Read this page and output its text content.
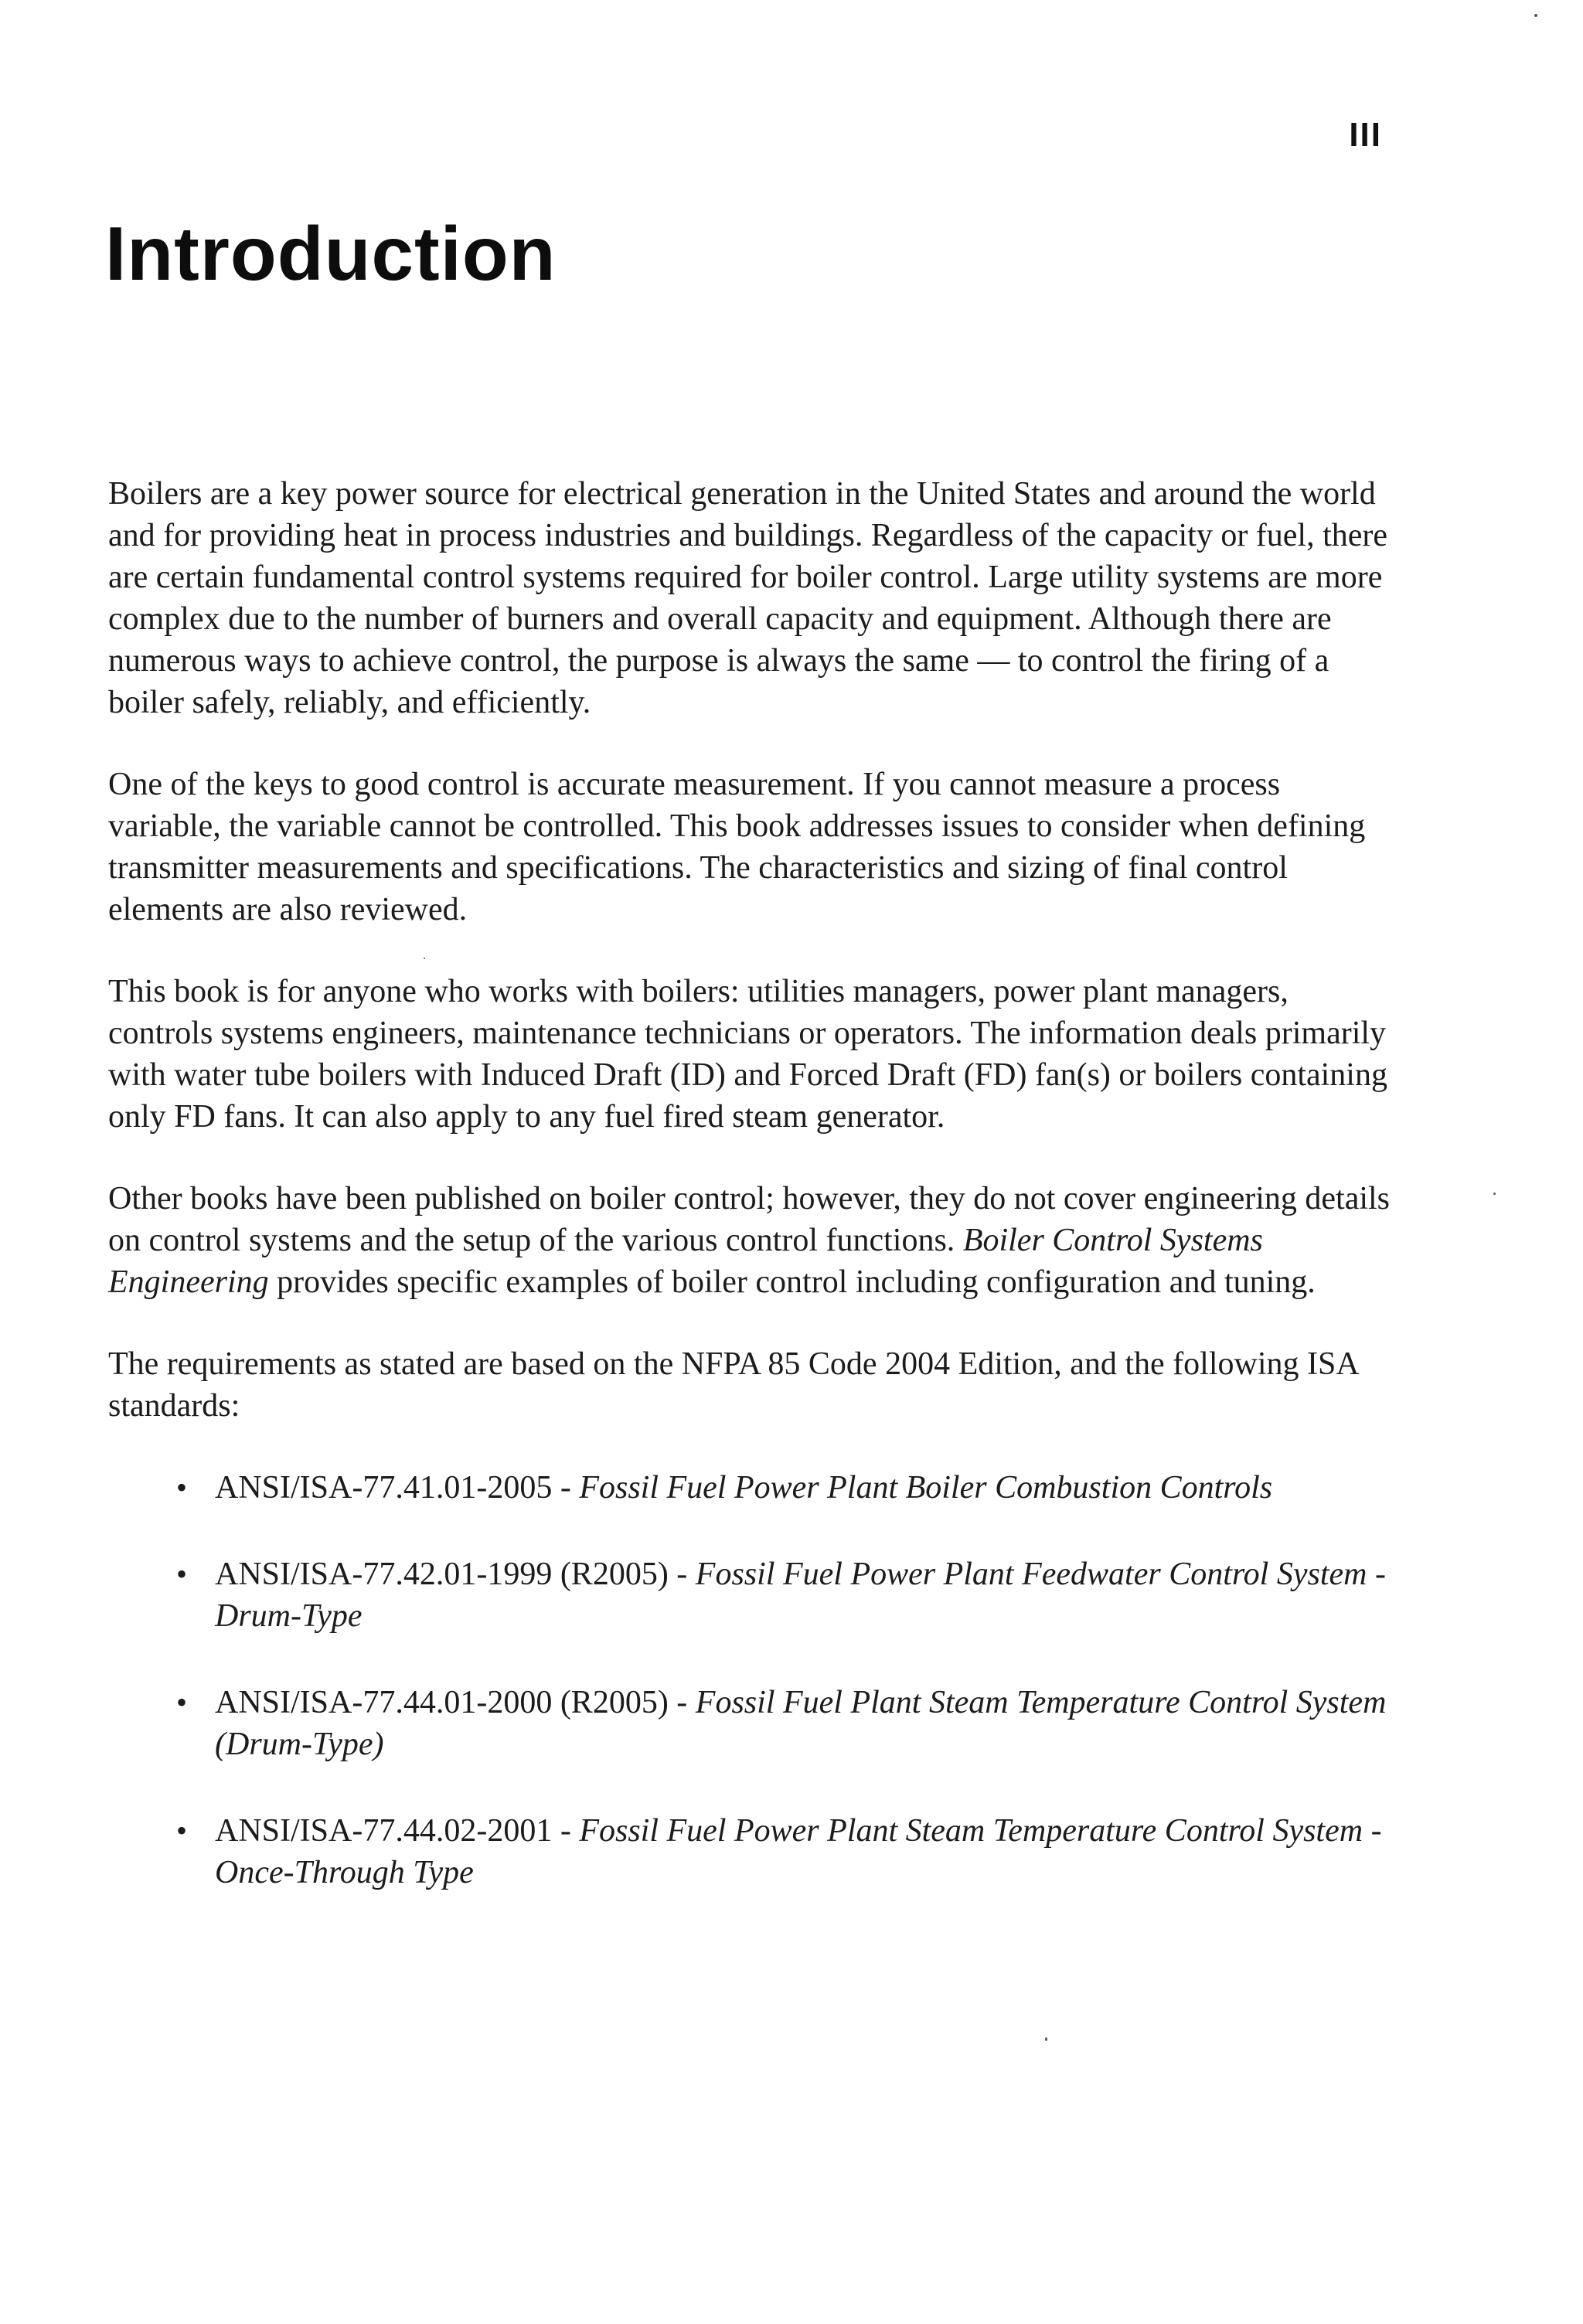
III
Introduction

Boilers are a key power source for electrical generation in the United States and around the world and for providing heat in process industries and buildings. Regardless of the capacity or fuel, there are certain fundamental control systems required for boiler control. Large utility systems are more complex due to the number of burners and overall capacity and equipment. Although there are numerous ways to achieve control, the purpose is always the same — to control the firing of a boiler safely, reliably, and efficiently.

One of the keys to good control is accurate measurement. If you cannot measure a process variable, the variable cannot be controlled. This book addresses issues to consider when defining transmitter measurements and specifications. The characteristics and sizing of final control elements are also reviewed.

This book is for anyone who works with boilers: utilities managers, power plant managers, controls systems engineers, maintenance technicians or operators. The information deals primarily with water tube boilers with Induced Draft (ID) and Forced Draft (FD) fan(s) or boilers containing only FD fans. It can also apply to any fuel fired steam generator.

Other books have been published on boiler control; however, they do not cover engineering details on control systems and the setup of the various control functions. Boiler Control Systems Engineering provides specific examples of boiler control including configuration and tuning.

The requirements as stated are based on the NFPA 85 Code 2004 Edition, and the following ISA standards:

• ANSI/ISA-77.41.01-2005 - Fossil Fuel Power Plant Boiler Combustion Controls
• ANSI/ISA-77.42.01-1999 (R2005) - Fossil Fuel Power Plant Feedwater Control System - Drum-Type
• ANSI/ISA-77.44.01-2000 (R2005) - Fossil Fuel Plant Steam Temperature Control System (Drum-Type)
• ANSI/ISA-77.44.02-2001 - Fossil Fuel Power Plant Steam Temperature Control System - Once-Through Type
